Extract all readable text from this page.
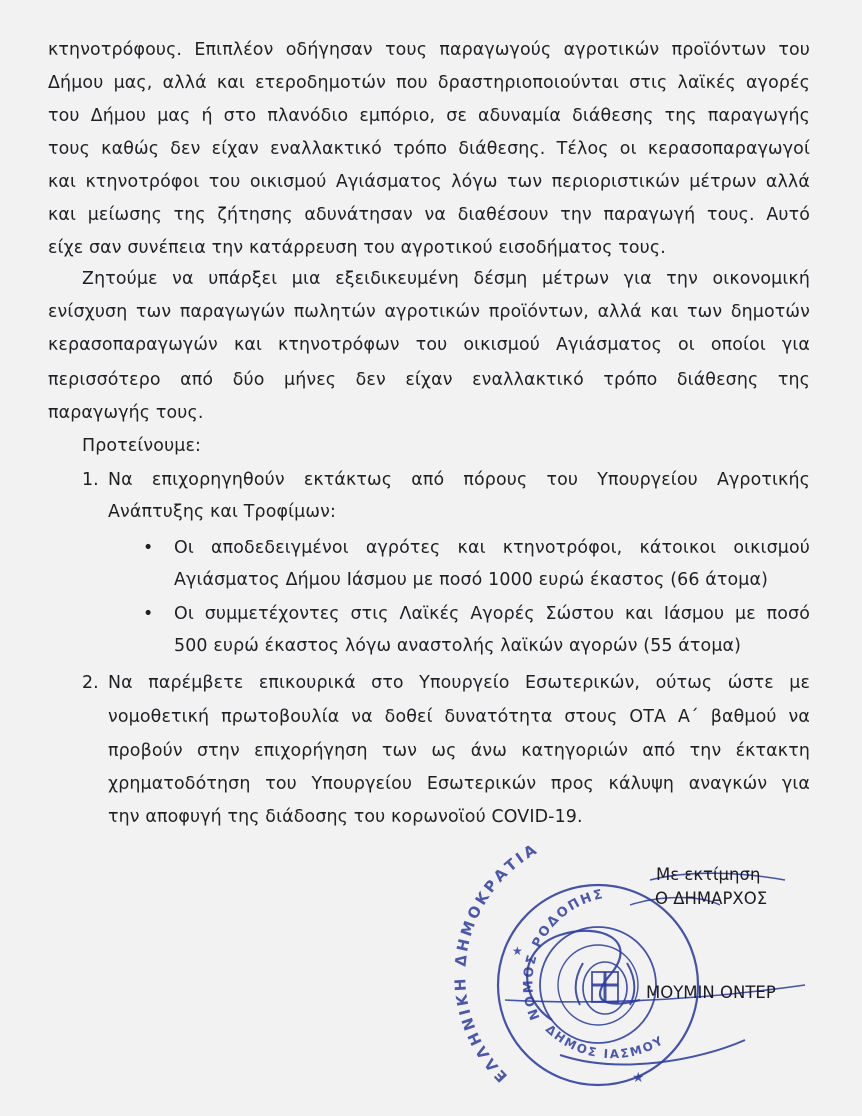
κτηνοτρόφους. Επιπλέον οδήγησαν τους παραγωγούς αγροτικών προϊόντων του
Δήμου μας, αλλά και ετεροδημοτών που δραστηριοποιούνται στις λαϊκές αγορές
του Δήμου μας ή στο πλανόδιο εμπόριο, σε αδυναμία διάθεσης της παραγωγής
τους καθώς δεν είχαν εναλλακτικό τρόπο διάθεσης. Τέλος οι κερασοπαραγωγοί
και κτηνοτρόφοι του οικισμού Αγιάσματος λόγω των περιοριστικών μέτρων αλλά
και μείωσης της ζήτησης αδυνάτησαν να διαθέσουν την παραγωγή τους. Αυτό
είχε σαν συνέπεια την κατάρρευση του αγροτικού εισοδήματος τους.
Ζητούμε να υπάρξει μια εξειδικευμένη δέσμη μέτρων για την οικονομική
ενίσχυση των παραγωγών πωλητών αγροτικών προϊόντων, αλλά και των δημοτών
κερασοπαραγωγών και κτηνοτρόφων του οικισμού Αγιάσματος οι οποίοι για
περισσότερο από δύο μήνες δεν είχαν εναλλακτικό τρόπο διάθεσης της
παραγωγής τους.
Προτείνουμε:
1. Να επιχορηγηθούν εκτάκτως από πόρους του Υπουργείου Αγροτικής
Ανάπτυξης και Τροφίμων:
• Οι αποδεδειγμένοι αγρότες και κτηνοτρόφοι, κάτοικοι οικισμού
Αγιάσματος Δήμου Ιάσμου με ποσό 1000 ευρώ έκαστος (66 άτομα)
• Οι συμμετέχοντες στις Λαϊκές Αγορές Σώστου και Ιάσμου με ποσό
500 ευρώ έκαστος λόγω αναστολής λαϊκών αγορών (55 άτομα)
2. Να παρέμβετε επικουρικά στο Υπουργείο Εσωτερικών, ούτως ώστε με
νομοθετική πρωτοβουλία να δοθεί δυνατότητα στους ΟΤΑ Α΄ βαθμού να
προβούν στην επιχορήγηση των ως άνω κατηγοριών από την έκτακτη
χρηματοδότηση του Υπουργείου Εσωτερικών προς κάλυψη αναγκών για
την αποφυγή της διάδοσης του κορωνοϊού COVID-19.
ΕΛΛΗΝΙΚΗ ΔΗΜΟΚΡΑΤΙΑ
ΝΟΜΟΣ ΡΟΔΟΠΗΣ
ΔΗΜΟΣ ΙΑΣΜΟΥ
★
★
Με εκτίμηση
Ο ΔΗΜΑΡΧΟΣ
ΜΟΥΜΙΝ ΟΝΤΕΡ
